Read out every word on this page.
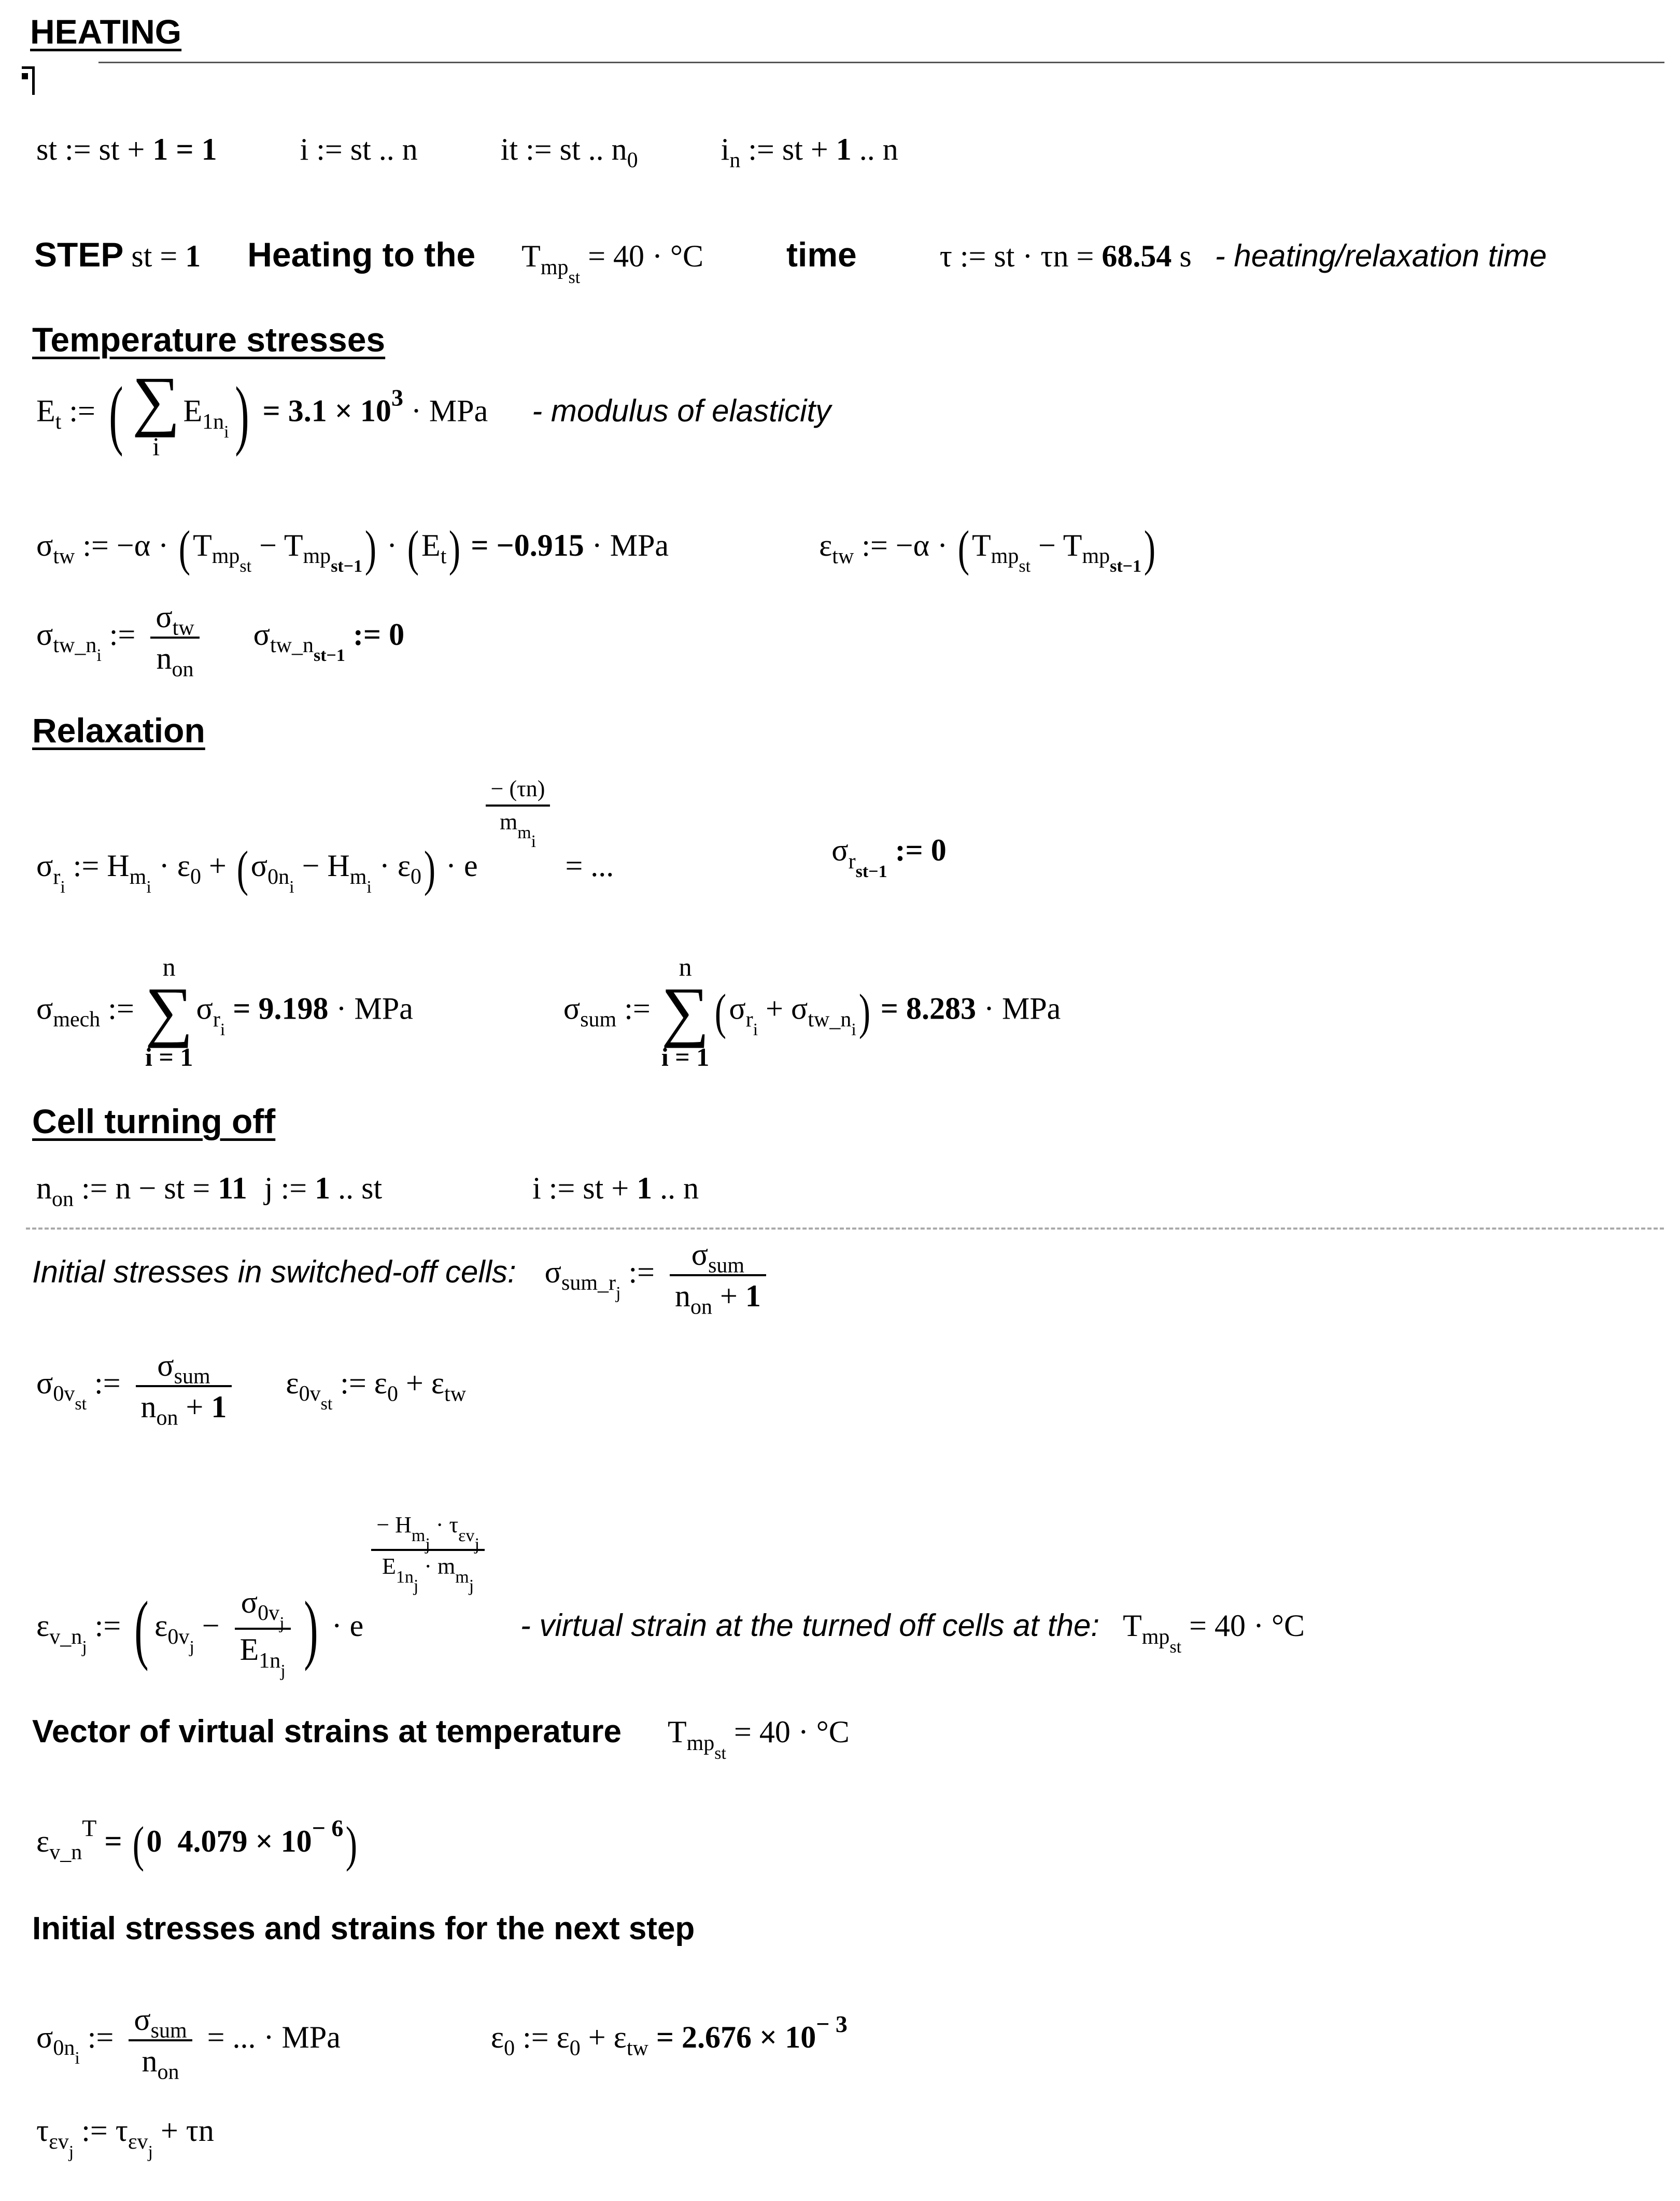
HEATING
st := st + 1 = 1	i := st .. n	it := st .. $n_0$	$i_n$ := st + 1 .. n
STEP st = 1 Heating to the $T_{mp_{st}} = 40 \cdot ^\circ C$ time	τ := st · τn = 68.54 s - heating/relaxation time
Temperature stresses
$E_t$ := ( ∑
i
$E_{1n_i}) = 3.1 \times 10^3$ · MPa - modulus of elasticity
$\sigma_{tw}$ := $-\alpha \cdot (T_{mp_{st}} - T_{mp_{st-1}}) \cdot (E_t) = -0.915$ · MPa	$\varepsilon_{tw}$ := $-\alpha \cdot (T_{mp_{st}} - T_{mp_{st-1}})$
$\sigma_{tw\_n_i}$ := $\frac{\sigma_{tw}}{n_{on}} \sigma_{tw\_n_{st-1}}$ := 0
Relaxation
$\sigma_{r_i}$ := $H_{m_i} \cdot \varepsilon_0 + (\sigma_{0n_i} - H_{m_i} \cdot \varepsilon_0) \cdot e$
$\frac{- (\tau n)}{m_{m_i}}$
= ...	$\sigma_{r_{st-1}}$ := 0
$\sigma_{mech}$ :=
n
∑
i = 1
$\sigma_{r_i} = 9.198$ · MPa	$\sigma_{sum}$ :=
n
∑
i = 1
$(\sigma_{r_i} + \sigma_{tw\_n_i}) = 8.283$ · MPa
Cell turning off
$n_{on}$ := n − st = 11 j := 1 .. st	i := st + 1 .. n
Initial stresses in switched-off cells: $\sigma_{sum\_r_j}$ := $\frac{\sigma_{sum}}{n_{on} + 1}$
$\sigma_{0v_{st}}$ := $\frac{\sigma_{sum}}{n_{on} + 1} \varepsilon_{0v_{st}}$ := $\varepsilon_0 + \varepsilon_{tw}$
$\varepsilon_{v\_n_j}$ := ( $\varepsilon_{0v_j} - \frac{\sigma_{0v_j}}{E_{1n_j}}$ ) · e
$\frac{- H_{m_j} \cdot \tau_{\varepsilon v_j}}{E_{1n_j} \cdot m_{m_j}}$
- virtual strain at the turned off cells at the: $T_{mp_{st}} = 40 \cdot ^\circ C$
Vector of virtual strains at temperature $T_{mp_{st}} = 40 \cdot ^\circ C$
$\varepsilon_{v\_n}^T = (0$ $4.079 \times 10^{- 6}$)
Initial stresses and strains for the next step
$\sigma_{0n_i}$ := $\frac{\sigma_{sum}}{n_{on}}$ = ... · MPa	$\varepsilon_0$ := $\varepsilon_0 + \varepsilon_{tw} = 2.676 \times 10^{- 3}$
$\tau_{\varepsilon v_j}$ := $\tau_{\varepsilon v_j} + \tau n$
